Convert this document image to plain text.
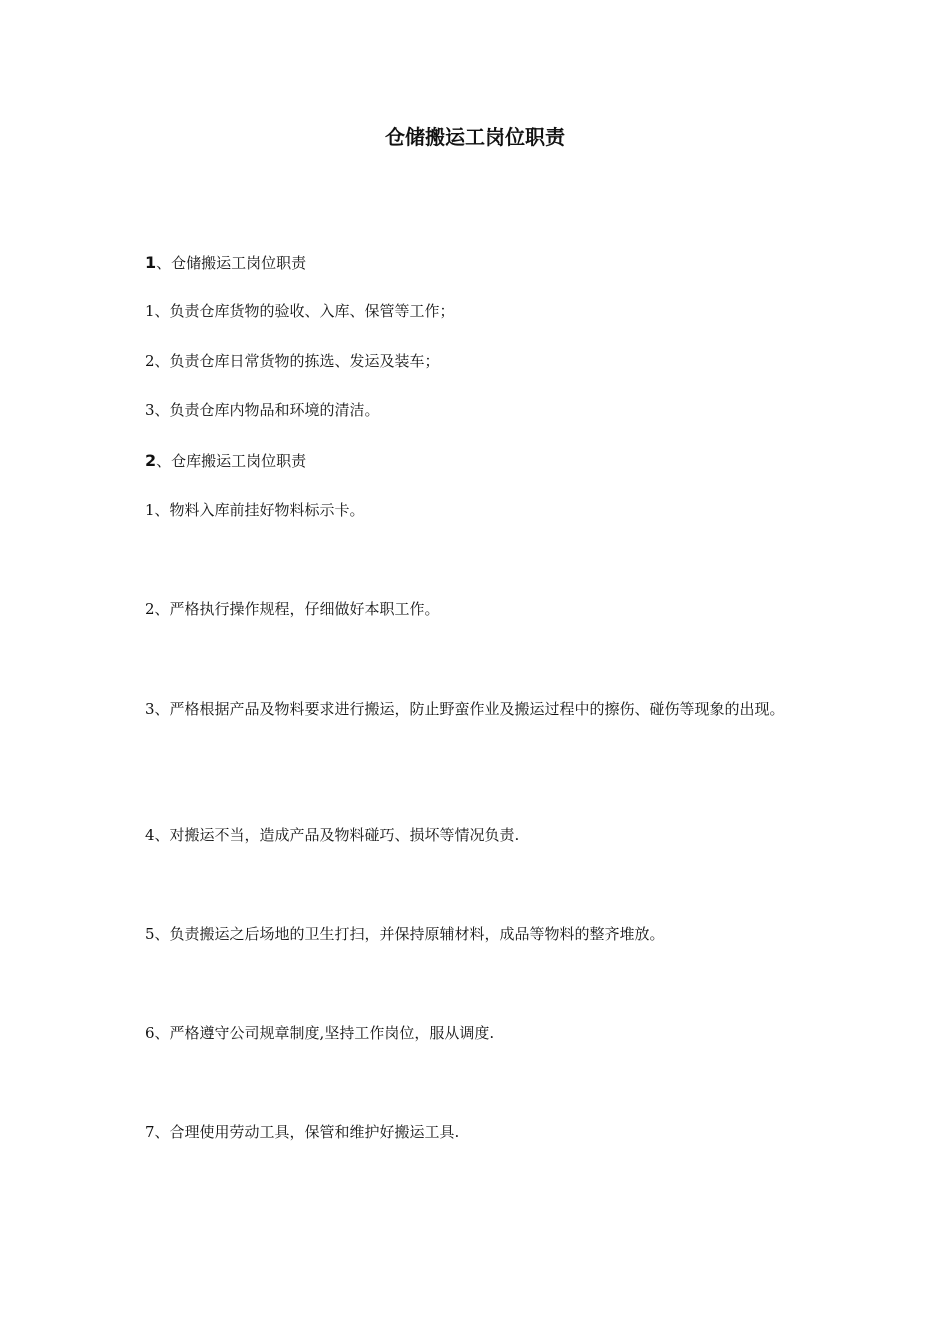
仓储搬运工岗位职责
1、仓储搬运工岗位职责
1、负责仓库货物的验收、入库、保管等工作；
2、负责仓库日常货物的拣选、发运及装车；
3、负责仓库内物品和环境的清洁。
2、仓库搬运工岗位职责
1、物料入库前挂好物料标示卡。
2、严格执行操作规程，仔细做好本职工作。
3、严格根据产品及物料要求进行搬运，防止野蛮作业及搬运过程中的擦伤、碰伤等现象的出现。
4、对搬运不当，造成产品及物料碰巧、损坏等情况负责.
5、负责搬运之后场地的卫生打扫，并保持原辅材料，成品等物料的整齐堆放。
6、严格遵守公司规章制度,坚持工作岗位，服从调度.
7、合理使用劳动工具，保管和维护好搬运工具.
